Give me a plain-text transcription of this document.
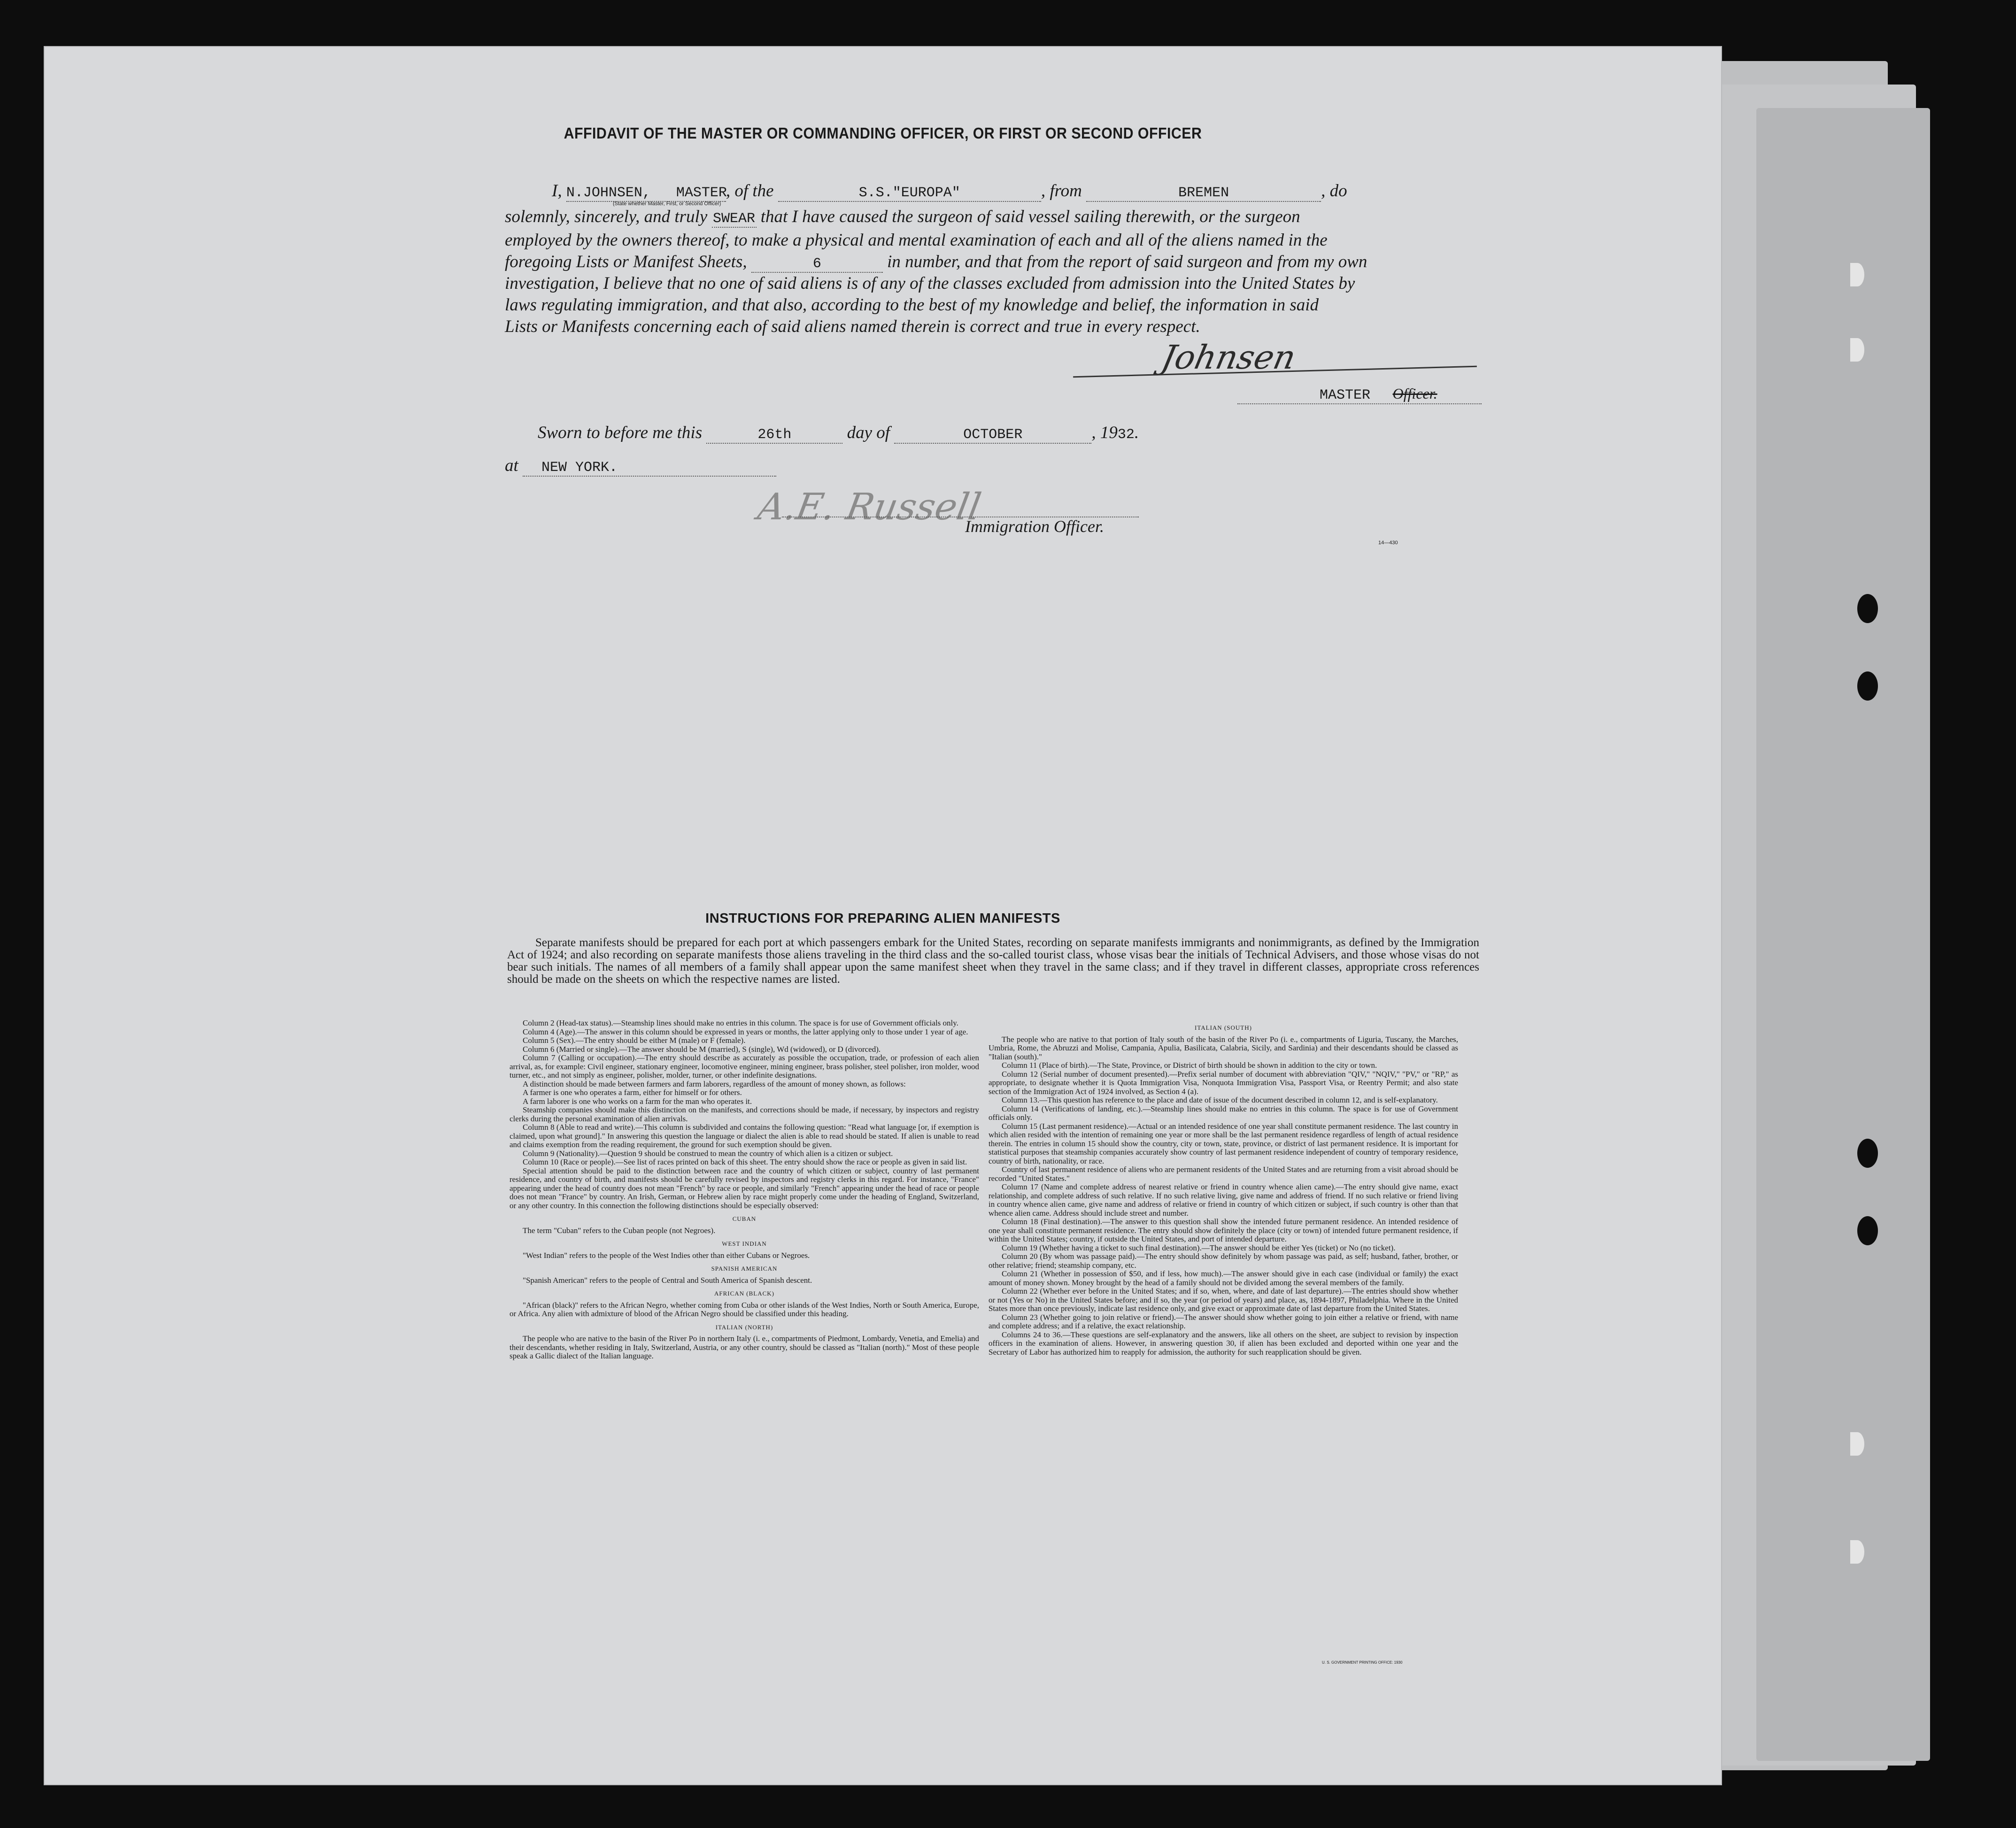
AFFIDAVIT OF THE MASTER OR COMMANDING OFFICER, OR FIRST OR SECOND OFFICER
I, N.JOHNSEN, MASTER, of the	S.S."EUROPA"	, from	BREMEN	, do
(State whether Master, First, or Second Officer)
solemnly, sincerely, and truly SWEAR that I have caused the surgeon of said vessel sailing therewith, or the surgeon
employed by the owners thereof, to make a physical and mental examination of each and all of the aliens named in the
foregoing Lists or Manifest Sheets,	6	in number, and that from the report of said surgeon and from my own
investigation, I believe that no one of said aliens is of any of the classes excluded from admission into the United States by
laws regulating immigration, and that also, according to the best of my knowledge and belief, the information in said
Lists or Manifests concerning each of said aliens named therein is correct and true in every respect.
Johnsen
MASTER Officer.
Sworn to before me this	26th	day of	OCTOBER	, 1932.
at NEW YORK.
A.E. Russell
Immigration Officer.
14—430
INSTRUCTIONS FOR PREPARING ALIEN MANIFESTS
Separate manifests should be prepared for each port at which passengers embark for the United States, recording on separate manifests immigrants and nonimmigrants, as defined by the Immigration Act of 1924; and also recording on separate manifests those aliens traveling in the third class and the so-called tourist class, whose visas bear the initials of Technical Advisers, and those whose visas do not bear such initials. The names of all members of a family shall appear upon the same manifest sheet when they travel in the same class; and if they travel in different classes, appropriate cross references should be made on the sheets on which the respective names are listed.

Column 2 (Head-tax status).—Steamship lines should make no entries in this column. The space is for use of Government officials only.

Column 4 (Age).—The answer in this column should be expressed in years or months, the latter applying only to those under 1 year of age.

Column 5 (Sex).—The entry should be either M (male) or F (female).

Column 6 (Married or single).—The answer should be M (married), S (single), Wd (widowed), or D (divorced).

Column 7 (Calling or occupation).—The entry should describe as accurately as possible the occupation, trade, or profession of each alien arrival, as, for example: Civil engineer, stationary engineer, locomotive engineer, mining engineer, brass polisher, steel polisher, iron molder, wood turner, etc., and not simply as engineer, polisher, molder, turner, or other indefinite designations.

A distinction should be made between farmers and farm laborers, regardless of the amount of money shown, as follows:

A farmer is one who operates a farm, either for himself or for others.

A farm laborer is one who works on a farm for the man who operates it.

Steamship companies should make this distinction on the manifests, and corrections should be made, if necessary, by inspectors and registry clerks during the personal examination of alien arrivals.

Column 8 (Able to read and write).—This column is subdivided and contains the following question: "Read what language [or, if exemption is claimed, upon what ground]." In answering this question the language or dialect the alien is able to read should be stated. If alien is unable to read and claims exemption from the reading requirement, the ground for such exemption should be given.

Column 9 (Nationality).—Question 9 should be construed to mean the country of which alien is a citizen or subject.

Column 10 (Race or people).—See list of races printed on back of this sheet. The entry should show the race or people as given in said list.

Special attention should be paid to the distinction between race and the country of which citizen or subject, country of last permanent residence, and country of birth, and manifests should be carefully revised by inspectors and registry clerks in this regard. For instance, "France" appearing under the head of country does not mean "French" by race or people, and similarly "French" appearing under the head of race or people does not mean "France" by country. An Irish, German, or Hebrew alien by race might properly come under the heading of England, Switzerland, or any other country. In this connection the following distinctions should be especially observed:

CUBAN

The term "Cuban" refers to the Cuban people (not Negroes).

WEST INDIAN

"West Indian" refers to the people of the West Indies other than either Cubans or Negroes.

SPANISH AMERICAN

"Spanish American" refers to the people of Central and South America of Spanish descent.

AFRICAN (BLACK)

"African (black)" refers to the African Negro, whether coming from Cuba or other islands of the West Indies, North or South America, Europe, or Africa. Any alien with admixture of blood of the African Negro should be classified under this heading.

ITALIAN (NORTH)

The people who are native to the basin of the River Po in northern Italy (i. e., compartments of Piedmont, Lombardy, Venetia, and Emelia) and their descendants, whether residing in Italy, Switzerland, Austria, or any other country, should be classed as "Italian (north)." Most of these people speak a Gallic dialect of the Italian language.

ITALIAN (SOUTH)

The people who are native to that portion of Italy south of the basin of the River Po (i. e., compartments of Liguria, Tuscany, the Marches, Umbria, Rome, the Abruzzi and Molise, Campania, Apulia, Basilicata, Calabria, Sicily, and Sardinia) and their descendants should be classed as "Italian (south)."

Column 11 (Place of birth).—The State, Province, or District of birth should be shown in addition to the city or town.

Column 12 (Serial number of document presented).—Prefix serial number of document with abbreviation "QIV," "NQIV," "PV," or "RP," as appropriate, to designate whether it is Quota Immigration Visa, Nonquota Immigration Visa, Passport Visa, or Reentry Permit; and also state section of the Immigration Act of 1924 involved, as Section 4 (a).

Column 13.—This question has reference to the place and date of issue of the document described in column 12, and is self-explanatory.

Column 14 (Verifications of landing, etc.).—Steamship lines should make no entries in this column. The space is for use of Government officials only.

Column 15 (Last permanent residence).—Actual or an intended residence of one year shall constitute permanent residence. The last country in which alien resided with the intention of remaining one year or more shall be the last permanent residence regardless of length of actual residence therein. The entries in column 15 should show the country, city or town, state, province, or district of last permanent residence. It is important for statistical purposes that steamship companies accurately show country of last permanent residence independent of country of temporary residence, country of birth, nationality, or race.

Country of last permanent residence of aliens who are permanent residents of the United States and are returning from a visit abroad should be recorded "United States."

Column 17 (Name and complete address of nearest relative or friend in country whence alien came).—The entry should give name, exact relationship, and complete address of such relative. If no such relative living, give name and address of friend. If no such relative or friend living in country whence alien came, give name and address of relative or friend in country of which citizen or subject, if such country is other than that whence alien came. Address should include street and number.

Column 18 (Final destination).—The answer to this question shall show the intended future permanent residence. An intended residence of one year shall constitute permanent residence. The entry should show definitely the place (city or town) of intended future permanent residence, if within the United States; country, if outside the United States, and port of intended departure.

Column 19 (Whether having a ticket to such final destination).—The answer should be either Yes (ticket) or No (no ticket).

Column 20 (By whom was passage paid).—The entry should show definitely by whom passage was paid, as self; husband, father, brother, or other relative; friend; steamship company, etc.

Column 21 (Whether in possession of $50, and if less, how much).—The answer should give in each case (individual or family) the exact amount of money shown. Money brought by the head of a family should not be divided among the several members of the family.

Column 22 (Whether ever before in the United States; and if so, when, where, and date of last departure).—The entries should show whether or not (Yes or No) in the United States before; and if so, the year (or period of years) and place, as, 1894-1897, Philadelphia. Where in the United States more than once previously, indicate last residence only, and give exact or approximate date of last departure from the United States.

Column 23 (Whether going to join relative or friend).—The answer should show whether going to join either a relative or friend, with name and complete address; and if a relative, the exact relationship.

Columns 24 to 36.—These questions are self-explanatory and the answers, like all others on the sheet, are subject to revision by inspection officers in the examination of aliens. However, in answering question 30, if alien has been excluded and deported within one year and the Secretary of Labor has authorized him to reapply for admission, the authority for such reapplication should be given.

U. S. GOVERNMENT PRINTING OFFICE: 1930
